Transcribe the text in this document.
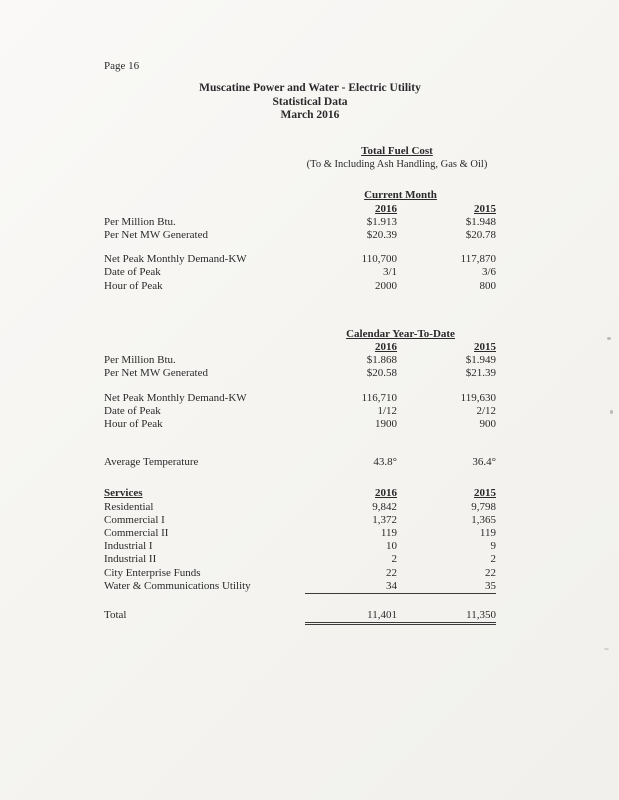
Page 16
Muscatine Power and Water - Electric Utility
Statistical Data
March 2016
Total Fuel Cost
(To & Including Ash Handling, Gas & Oil)
Current Month
2016	2015
Per Million Btu.	$1.913	$1.948
Per Net MW Generated	$20.39	$20.78
Net Peak Monthly Demand-KW	110,700	117,870
Date of Peak	3/1	3/6
Hour of Peak	2000	800
Calendar Year-To-Date
2016	2015
Per Million Btu.	$1.868	$1.949
Per Net MW Generated	$20.58	$21.39
Net Peak Monthly Demand-KW	116,710	119,630
Date of Peak	1/12	2/12
Hour of Peak	1900	900
Average Temperature	43.8°	36.4°
Services	2016	2015
Residential	9,842	9,798
Commercial I	1,372	1,365
Commercial II	119	119
Industrial I	10	9
Industrial II	2	2
City Enterprise Funds	22	22
Water & Communications Utility	34	35
Total	11,401	11,350
